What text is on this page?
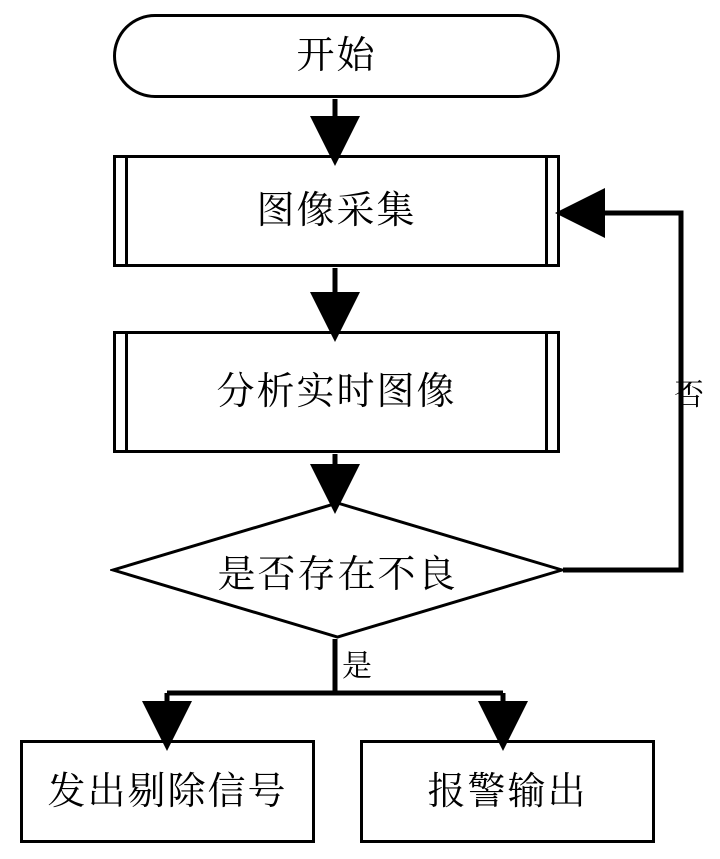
开始
图像采集
分析实时图像
是否存在不良
发出剔除信号	报警输出
否
是
